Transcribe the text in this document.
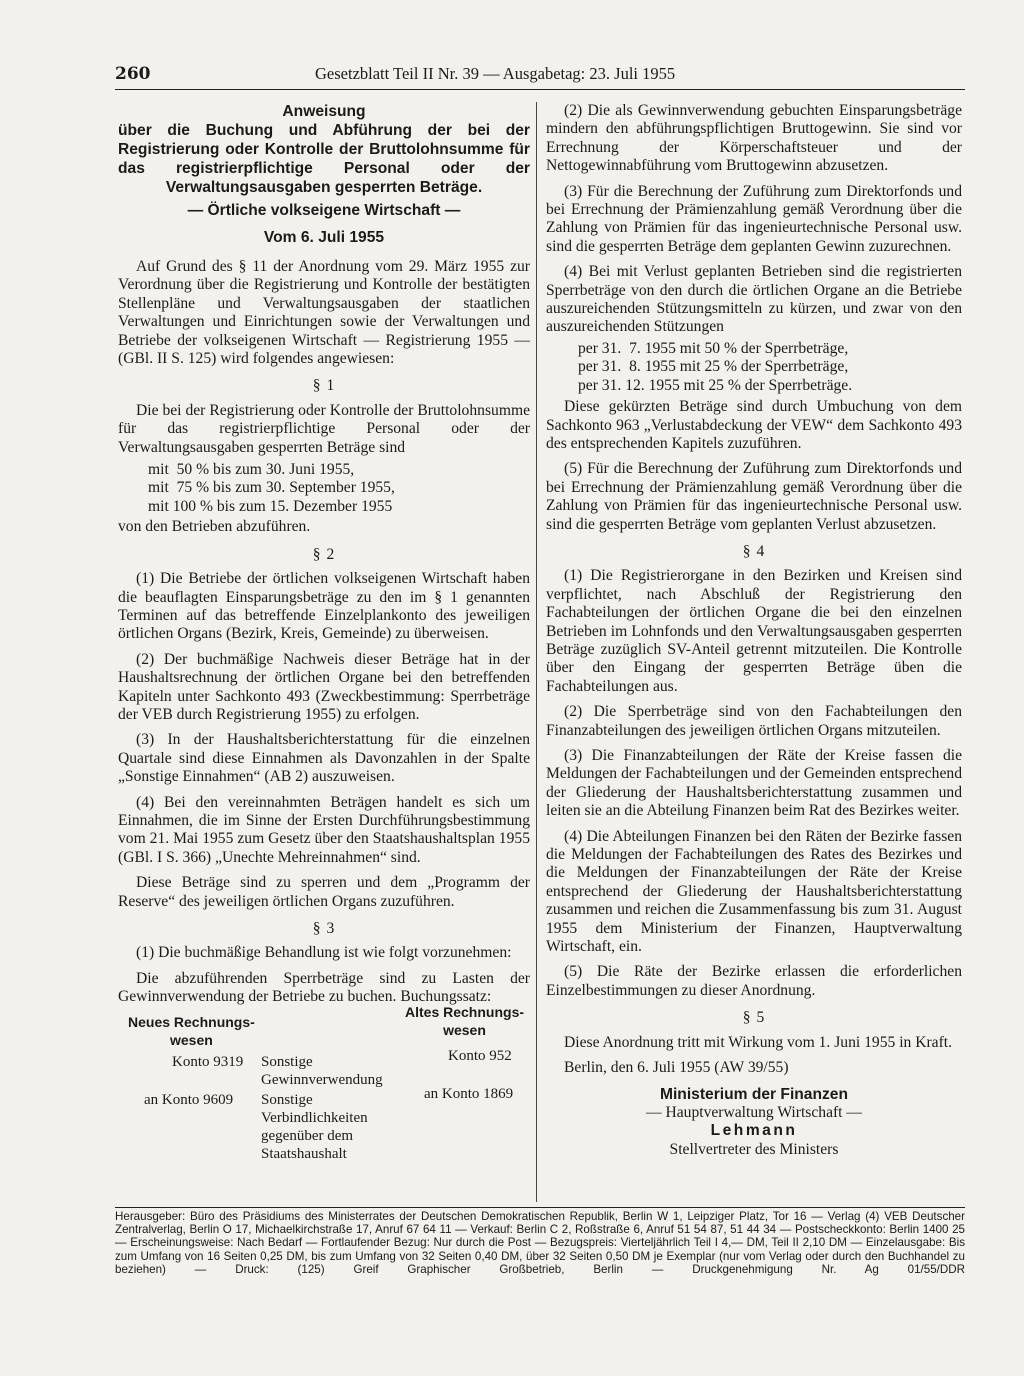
260	Gesetzblatt Teil II Nr. 39 — Ausgabetag: 23. Juli 1955
Anweisung
über die Buchung und Abführung der bei der Registrierung oder Kontrolle der Bruttolohnsumme für das registrierpflichtige Personal oder der Verwaltungsausgaben gesperrten Beträge.
— Örtliche volkseigene Wirtschaft —
Vom 6. Juli 1955

Auf Grund des § 11 der Anordnung vom 29. März 1955 zur Verordnung über die Registrierung und Kontrolle der bestätigten Stellenpläne und Verwaltungsausgaben der staatlichen Verwaltungen und Einrichtungen sowie der Verwaltungen und Betriebe der volkseigenen Wirtschaft — Registrierung 1955 — (GBl. II S. 125) wird folgendes angewiesen:

§ 1

Die bei der Registrierung oder Kontrolle der Bruttolohnsumme für das registrierpflichtige Personal oder der Verwaltungsausgaben gesperrten Beträge sind

mit  50 % bis zum 30. Juni 1955,
mit  75 % bis zum 30. September 1955,
mit 100 % bis zum 15. Dezember 1955

von den Betrieben abzuführen.

§ 2

(1) Die Betriebe der örtlichen volkseigenen Wirtschaft haben die beauflagten Einsparungsbeträge zu den im § 1 genannten Terminen auf das betreffende Einzelplankonto des jeweiligen örtlichen Organs (Bezirk, Kreis, Gemeinde) zu überweisen.

(2) Der buchmäßige Nachweis dieser Beträge hat in der Haushaltsrechnung der örtlichen Organe bei den betreffenden Kapiteln unter Sachkonto 493 (Zweckbestimmung: Sperrbeträge der VEB durch Registrierung 1955) zu erfolgen.

(3) In der Haushaltsberichterstattung für die einzelnen Quartale sind diese Einnahmen als Davonzahlen in der Spalte „Sonstige Einnahmen“ (AB 2) auszuweisen.

(4) Bei den vereinnahmten Beträgen handelt es sich um Einnahmen, die im Sinne der Ersten Durchführungsbestimmung vom 21. Mai 1955 zum Gesetz über den Staatshaushaltsplan 1955 (GBl. I S. 366) „Unechte Mehreinnahmen“ sind.

Diese Beträge sind zu sperren und dem „Programm der Reserve“ des jeweiligen örtlichen Organs zuzuführen.

§ 3

(1) Die buchmäßige Behandlung ist wie folgt vorzunehmen:

Die abzuführenden Sperrbeträge sind zu Lasten der Gewinnverwendung der Betriebe zu buchen. Buchungssatz:

Neues Rechnungs-
wesen
Altes Rechnungs-
wesen
Konto 9319 Sonstige Gewinnverwendung
Konto 952
an Konto 9609 Sonstige Verbindlichkeiten gegenüber dem Staatshaushalt
an Konto 1869

(2) Die als Gewinnverwendung gebuchten Einsparungsbeträge mindern den abführungspflichtigen Bruttogewinn. Sie sind vor Errechnung der Körperschaftsteuer und der Nettogewinnabführung vom Bruttogewinn abzusetzen.

(3) Für die Berechnung der Zuführung zum Direktorfonds und bei Errechnung der Prämienzahlung gemäß Verordnung über die Zahlung von Prämien für das ingenieurtechnische Personal usw. sind die gesperrten Beträge dem geplanten Gewinn zuzurechnen.

(4) Bei mit Verlust geplanten Betrieben sind die registrierten Sperrbeträge von den durch die örtlichen Organe an die Betriebe auszureichenden Stützungsmitteln zu kürzen, und zwar von den auszureichenden Stützungen

per 31.  7. 1955 mit 50 % der Sperrbeträge,
per 31.  8. 1955 mit 25 % der Sperrbeträge,
per 31. 12. 1955 mit 25 % der Sperrbeträge.

Diese gekürzten Beträge sind durch Umbuchung von dem Sachkonto 963 „Verlustabdeckung der VEW“ dem Sachkonto 493 des entsprechenden Kapitels zuzuführen.

(5) Für die Berechnung der Zuführung zum Direktorfonds und bei Errechnung der Prämienzahlung gemäß Verordnung über die Zahlung von Prämien für das ingenieurtechnische Personal usw. sind die gesperrten Beträge vom geplanten Verlust abzusetzen.

§ 4

(1) Die Registrierorgane in den Bezirken und Kreisen sind verpflichtet, nach Abschluß der Registrierung den Fachabteilungen der örtlichen Organe die bei den einzelnen Betrieben im Lohnfonds und den Verwaltungsausgaben gesperrten Beträge zuzüglich SV-Anteil getrennt mitzuteilen. Die Kontrolle über den Eingang der gesperrten Beträge üben die Fachabteilungen aus.

(2) Die Sperrbeträge sind von den Fachabteilungen den Finanzabteilungen des jeweiligen örtlichen Organs mitzuteilen.

(3) Die Finanzabteilungen der Räte der Kreise fassen die Meldungen der Fachabteilungen und der Gemeinden entsprechend der Gliederung der Haushaltsberichterstattung zusammen und leiten sie an die Abteilung Finanzen beim Rat des Bezirkes weiter.

(4) Die Abteilungen Finanzen bei den Räten der Bezirke fassen die Meldungen der Fachabteilungen des Rates des Bezirkes und die Meldungen der Finanzabteilungen der Räte der Kreise entsprechend der Gliederung der Haushaltsberichterstattung zusammen und reichen die Zusammenfassung bis zum 31. August 1955 dem Ministerium der Finanzen, Hauptverwaltung Wirtschaft, ein.

(5) Die Räte der Bezirke erlassen die erforderlichen Einzelbestimmungen zu dieser Anordnung.

§ 5

Diese Anordnung tritt mit Wirkung vom 1. Juni 1955 in Kraft.

Berlin, den 6. Juli 1955 (AW 39/55)

Ministerium der Finanzen
— Hauptverwaltung Wirtschaft —
Lehmann
Stellvertreter des Ministers
Herausgeber: Büro des Präsidiums des Ministerrates der Deutschen Demokratischen Republik, Berlin W 1, Leipziger Platz, Tor 16 — Verlag (4) VEB Deutscher Zentralverlag, Berlin O 17, Michaelkirchstraße 17, Anruf 67 64 11 — Verkauf: Berlin C 2, Roßstraße 6, Anruf 51 54 87, 51 44 34 — Postscheckkonto: Berlin 1400 25 — Erscheinungsweise: Nach Bedarf — Fortlaufender Bezug: Nur durch die Post — Bezugspreis: Vierteljährlich Teil I 4,— DM, Teil II 2,10 DM — Einzelausgabe: Bis zum Umfang von 16 Seiten 0,25 DM, bis zum Umfang von 32 Seiten 0,40 DM, über 32 Seiten 0,50 DM je Exemplar (nur vom Verlag oder durch den Buchhandel zu beziehen) — Druck: (125) Greif Graphischer Großbetrieb, Berlin — Druckgenehmigung Nr. Ag 01/55/DDR
